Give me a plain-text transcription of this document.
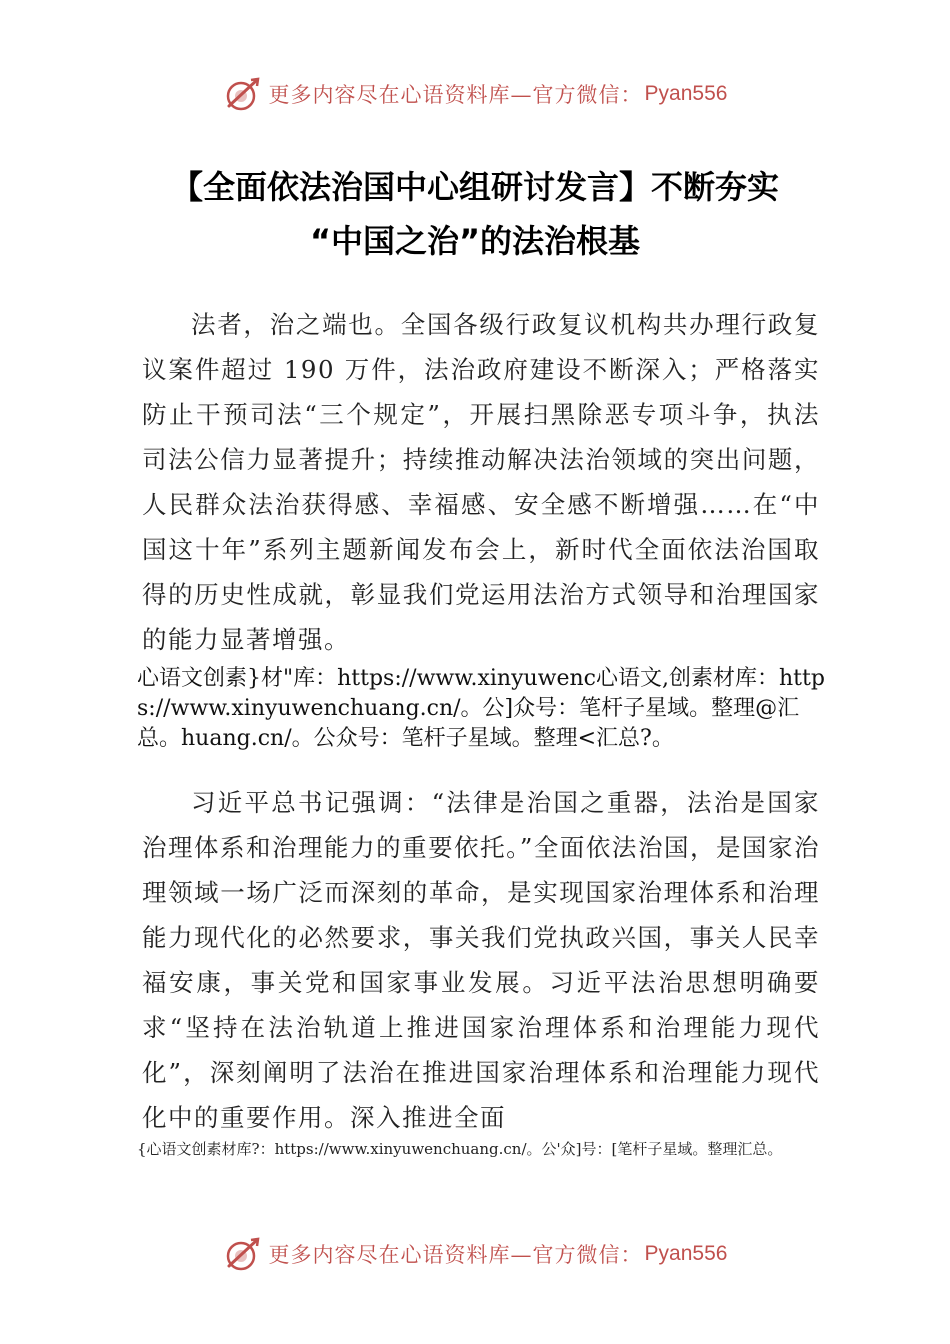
更多内容尽在心语资料库—官方微信： Pyan556
【全面依法治国中心组研讨发言】不断夯实
“中国之治”的法治根基

法者，治之端也。全国各级行政复议机构共办理行政复议案件超过 190 万件，法治政府建设不断深入；严格落实防止干预司法“三个规定”，开展扫黑除恶专项斗争，执法司法公信力显著提升；持续推动解决法治领域的突出问题，人民群众法治获得感、幸福感、安全感不断增强……在“中国这十年”系列主题新闻发布会上，新时代全面依法治国取得的历史性成就，彰显我们党运用法治方式领导和治理国家的能力显著增强。

心语文创素}材"库：https://www.xinyuwenc心语文,创素材库：https://www.xinyuwenchuang.cn/。公]众号：笔杆子星域。整理@汇总。huang.cn/。公众号：笔杆子星域。整理<汇总?。

习近平总书记强调：“法律是治国之重器，法治是国家治理体系和治理能力的重要依托。”全面依法治国，是国家治理领域一场广泛而深刻的革命，是实现国家治理体系和治理能力现代化的必然要求，事关我们党执政兴国，事关人民幸福安康，事关党和国家事业发展。习近平法治思想明确要求“坚持在法治轨道上推进国家治理体系和治理能力现代化”，深刻阐明了法治在推进国家治理体系和治理能力现代化中的重要作用。深入推进全面

{心语文创素材库?：https://www.xinyuwenchuang.cn/。公'众]号：[笔杆子星域。整理汇总。

更多内容尽在心语资料库—官方微信： Pyan556
